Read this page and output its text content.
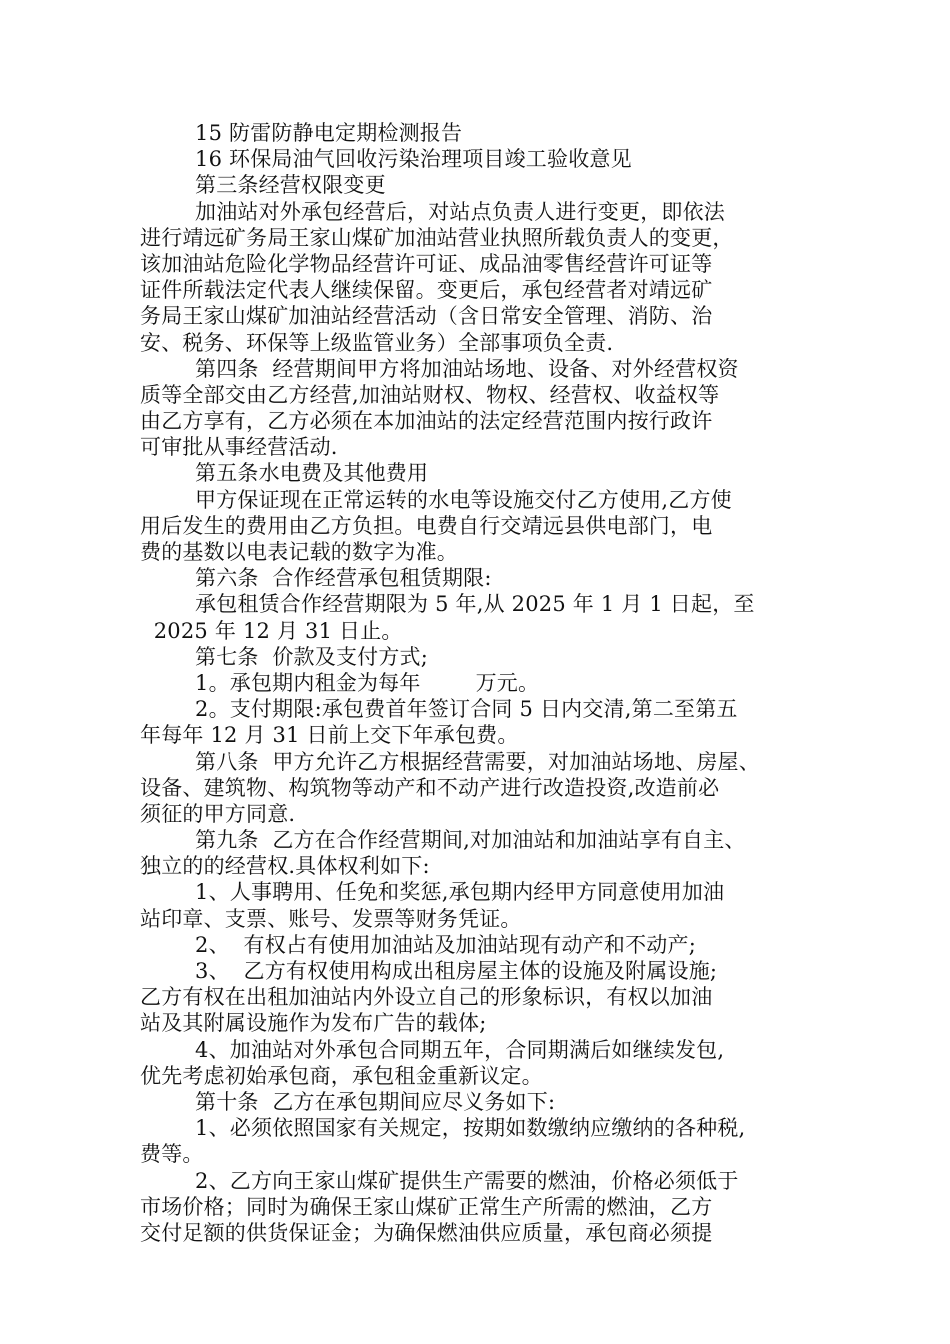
15 防雷防静电定期检测报告
16 环保局油气回收污染治理项目竣工验收意见
第三条经营权限变更
加油站对外承包经营后，对站点负责人进行变更，即依法
进行靖远矿务局王家山煤矿加油站营业执照所载负责人的变更，
该加油站危险化学物品经营许可证、成品油零售经营许可证等
证件所载法定代表人继续保留。变更后，承包经营者对靖远矿
务局王家山煤矿加油站经营活动（含日常安全管理、消防、治
安、税务、环保等上级监管业务）全部事项负全责.
第四条  经营期间甲方将加油站场地、设备、对外经营权资
质等全部交由乙方经营,加油站财权、物权、经营权、收益权等
由乙方享有，乙方必须在本加油站的法定经营范围内按行政许
可审批从事经营活动.
第五条水电费及其他费用
甲方保证现在正常运转的水电等设施交付乙方使用,乙方使
用后发生的费用由乙方负担。电费自行交靖远县供电部门，电
费的基数以电表记载的数字为准。
第六条  合作经营承包租赁期限:
承包租赁合作经营期限为 5 年,从 2025 年 1 月 1 日起，至
2025 年 12 月 31 日止。
第七条  价款及支付方式;
1。承包期内租金为每年        万元。
2。支付期限:承包费首年签订合同 5 日内交清,第二至第五
年每年 12 月 31 日前上交下年承包费。
第八条  甲方允许乙方根据经营需要，对加油站场地、房屋、
设备、建筑物、构筑物等动产和不动产进行改造投资,改造前必
须征的甲方同意.
第九条  乙方在合作经营期间,对加油站和加油站享有自主、
独立的的经营权.具体权利如下:
1、人事聘用、任免和奖惩,承包期内经甲方同意使用加油
站印章、支票、账号、发票等财务凭证。
2、  有权占有使用加油站及加油站现有动产和不动产;
3、  乙方有权使用构成出租房屋主体的设施及附属设施;
乙方有权在出租加油站内外设立自己的形象标识，有权以加油
站及其附属设施作为发布广告的载体;
4、加油站对外承包合同期五年，合同期满后如继续发包,
优先考虑初始承包商，承包租金重新议定。
第十条  乙方在承包期间应尽义务如下:
1、必须依照国家有关规定，按期如数缴纳应缴纳的各种税,
费等。
2、乙方向王家山煤矿提供生产需要的燃油，价格必须低于
市场价格；同时为确保王家山煤矿正常生产所需的燃油，乙方
交付足额的供货保证金；为确保燃油供应质量，承包商必须提
